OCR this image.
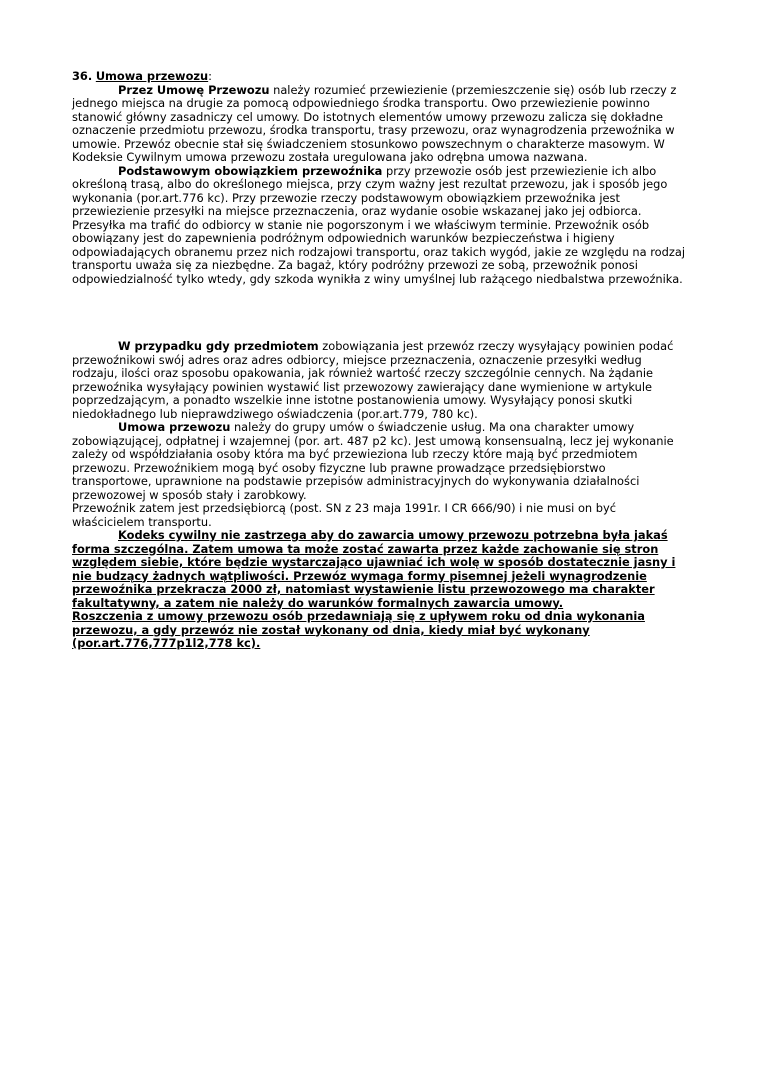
36. Umowa przewozu:

Przez Umowę Przewozu należy rozumieć przewiezienie (przemieszczenie się) osób lub rzeczy z jednego miejsca na drugie za pomocą odpowiedniego środka transportu. Owo przewiezienie powinno stanowić główny zasadniczy cel umowy. Do istotnych elementów umowy przewozu zalicza się dokładne oznaczenie przedmiotu przewozu, środka transportu, trasy przewozu, oraz wynagrodzenia przewoźnika w umowie. Przewóz obecnie stał się świadczeniem stosunkowo powszechnym o charakterze masowym. W Kodeksie Cywilnym umowa przewozu została uregulowana jako odrębna umowa nazwana.

Podstawowym obowiązkiem przewoźnika przy przewozie osób jest przewiezienie ich albo określoną trasą, albo do określonego miejsca, przy czym ważny jest rezultat przewozu, jak i sposób jego wykonania (por.art.776 kc). Przy przewozie rzeczy podstawowym obowiązkiem przewoźnika jest przewiezienie przesyłki na miejsce przeznaczenia, oraz wydanie osobie wskazanej jako jej odbiorca. Przesyłka ma trafić do odbiorcy w stanie nie pogorszonym i we właściwym terminie. Przewoźnik osób obowiązany jest do zapewnienia podróżnym odpowiednich warunków bezpieczeństwa i higieny odpowiadających obranemu przez nich rodzajowi transportu, oraz takich wygód, jakie ze względu na rodzaj transportu uważa się za niezbędne. Za bagaż, który podróżny przewozi ze sobą, przewoźnik ponosi odpowiedzialność tylko wtedy, gdy szkoda wynikła z winy umyślnej lub rażącego niedbalstwa przewoźnika.

W przypadku gdy przedmiotem zobowiązania jest przewóz rzeczy wysyłający powinien podać przewoźnikowi swój adres oraz adres odbiorcy, miejsce przeznaczenia, oznaczenie przesyłki według rodzaju, ilości oraz sposobu opakowania, jak również wartość rzeczy szczególnie cennych. Na żądanie przewoźnika wysyłający powinien wystawić list przewozowy zawierający dane wymienione w artykule poprzedzającym, a ponadto wszelkie inne istotne postanowienia umowy. Wysyłający ponosi skutki niedokładnego lub nieprawdziwego oświadczenia (por.art.779, 780 kc).

Umowa przewozu należy do grupy umów o świadczenie usług. Ma ona charakter umowy zobowiązującej, odpłatnej i wzajemnej (por. art. 487 p2 kc). Jest umową konsensualną, lecz jej wykonanie zależy od współdziałania osoby która ma być przewieziona lub rzeczy które mają być przedmiotem przewozu. Przewoźnikiem mogą być osoby fizyczne lub prawne prowadzące przedsiębiorstwo transportowe, uprawnione na podstawie przepisów administracyjnych do wykonywania działalności przewozowej w sposób stały i zarobkowy.

Przewoźnik zatem jest przedsiębiorcą (post. SN z 23 maja 1991r. I CR 666/90) i nie musi on być właścicielem transportu.

Kodeks cywilny nie zastrzega aby do zawarcia umowy przewozu potrzebna była jakaś forma szczególna. Zatem umowa ta może zostać zawarta przez każde zachowanie się stron względem siebie, które będzie wystarczająco ujawniać ich wolę w sposób dostatecznie jasny i nie budzący żadnych wątpliwości. Przewóz wymaga formy pisemnej jeżeli wynagrodzenie przewoźnika przekracza 2000 zł, natomiast wystawienie listu przewozowego ma charakter fakultatywny, a zatem nie należy do warunków formalnych zawarcia umowy.

Roszczenia z umowy przewozu osób przedawniają się z upływem roku od dnia wykonania przewozu, a gdy przewóz nie został wykonany od dnia, kiedy miał być wykonany (por.art.776,777p1l2,778 kc).
